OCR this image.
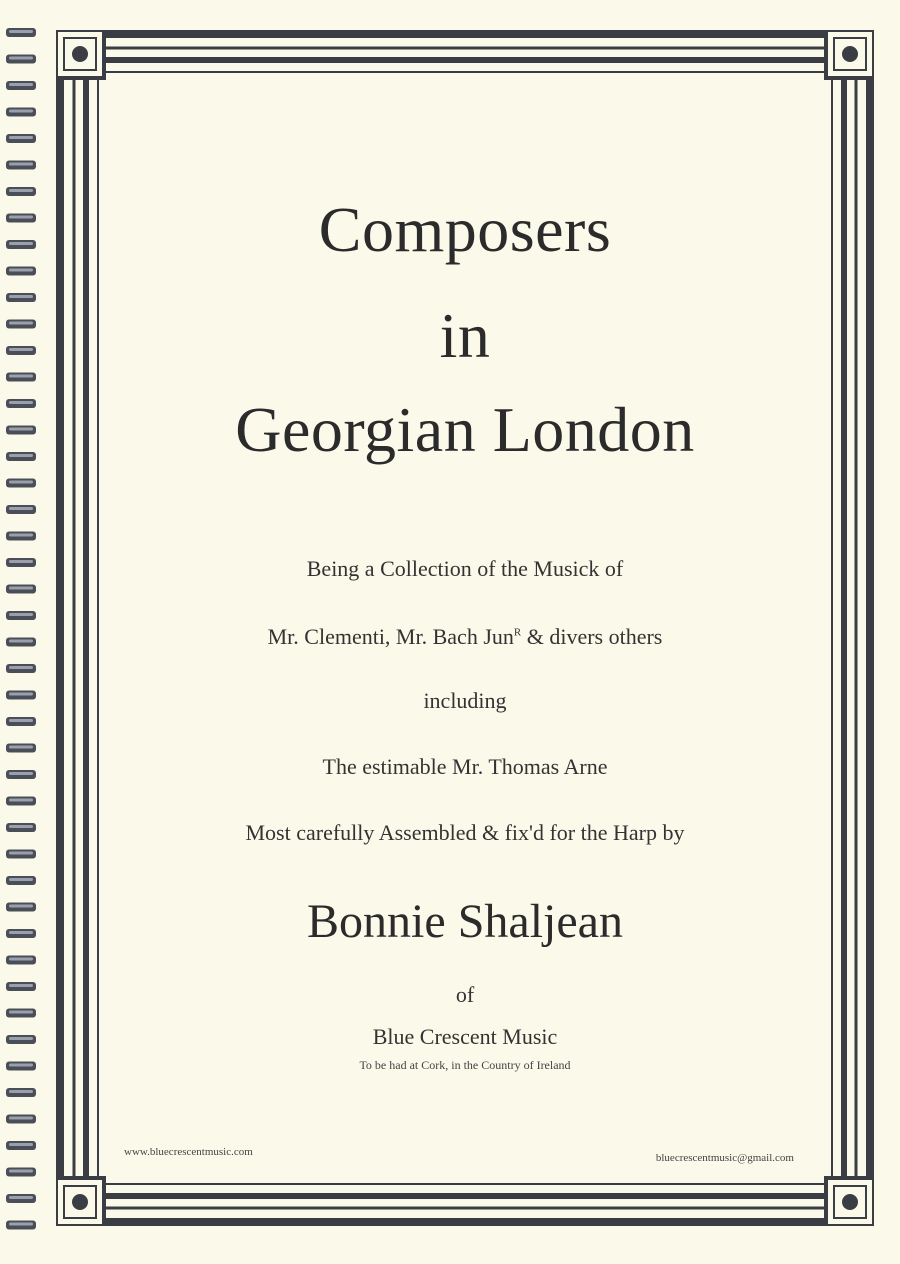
Composers
in
Georgian London
Being a Collection of the Musick of
Mr. Clementi, Mr. Bach Jun$^R$ & divers others
including
The estimable Mr. Thomas Arne
Most carefully Assembled & fix'd for the Harp by
Bonnie Shaljean
of
Blue Crescent Music
To be had at Cork, in the Country of Ireland
www.bluecrescentmusic.com	bluecrescentmusic@gmail.com
